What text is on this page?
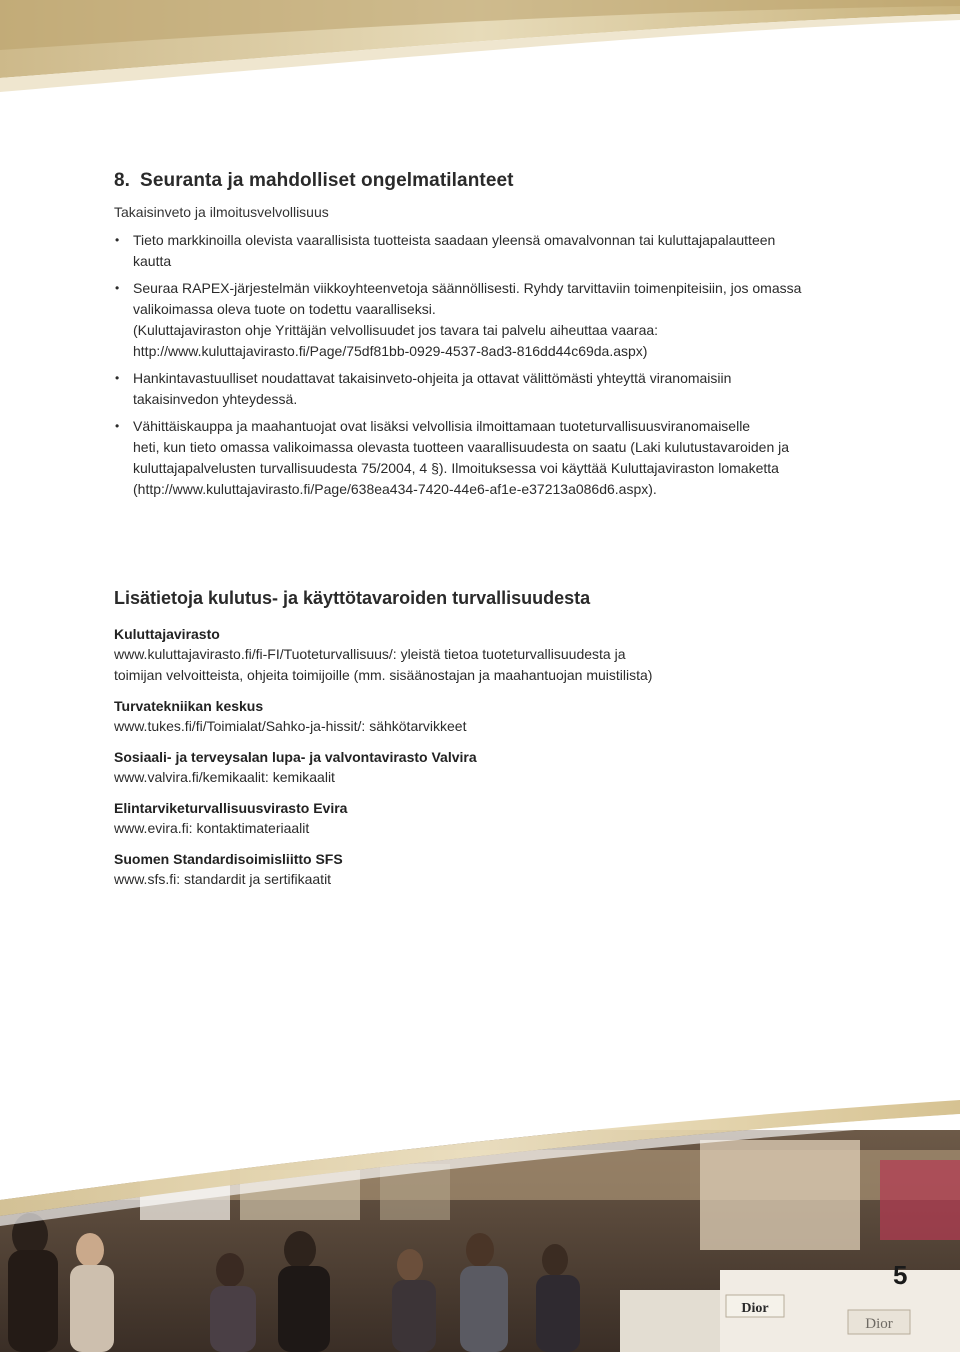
8. Seuranta ja mahdolliset ongelmatilanteet
Takaisinveto ja ilmoitusvelvollisuus
• Tieto markkinoilla olevista vaarallisista tuotteista saadaan yleensä omavalvonnan tai kuluttajapalautteen
kautta
• Seuraa RAPEX-järjestelmän viikkoyhteenvetoja säännöllisesti. Ryhdy tarvittaviin toimenpiteisiin, jos omassa
valikoimassa oleva tuote on todettu vaaralliseksi.
(Kuluttajaviraston ohje Yrittäjän velvollisuudet jos tavara tai palvelu aiheuttaa vaaraa:
http://www.kuluttajavirasto.fi/Page/75df81bb-0929-4537-8ad3-816dd44c69da.aspx)
• Hankintavastuulliset noudattavat takaisinveto-ohjeita ja ottavat välittömästi yhteyttä viranomaisiin
takaisinvedon yhteydessä.
• Vähittäiskauppa ja maahantuojat ovat lisäksi velvollisia ilmoittamaan tuoteturvallisuusviranomaiselle
heti, kun tieto omassa valikoimassa olevasta tuotteen vaarallisuudesta on saatu (Laki kulutustavaroiden ja
kuluttajapalvelusten turvallisuudesta 75/2004, 4 §). Ilmoituksessa voi käyttää Kuluttajaviraston lomaketta
(http://www.kuluttajavirasto.fi/Page/638ea434-7420-44e6-af1e-e37213a086d6.aspx).
Lisätietoja kulutus- ja käyttötavaroiden turvallisuudesta
Kuluttajavirasto
www.kuluttajavirasto.fi/fi-FI/Tuoteturvallisuus/: yleistä tietoa tuoteturvallisuudesta ja
toimijan velvoitteista, ohjeita toimijoille (mm. sisäänostajan ja maahantuojan muistilista)
Turvatekniikan keskus
www.tukes.fi/fi/Toimialat/Sahko-ja-hissit/: sähkötarvikkeet
Sosiaali- ja terveysalan lupa- ja valvontavirasto Valvira
www.valvira.fi/kemikaalit: kemikaalit
Elintarviketurvallisuusvirasto Evira
www.evira.fi: kontaktimateriaalit
Suomen Standardisoimisliitto SFS
www.sfs.fi: standardit ja sertifikaatit
Dior
Dior
5
